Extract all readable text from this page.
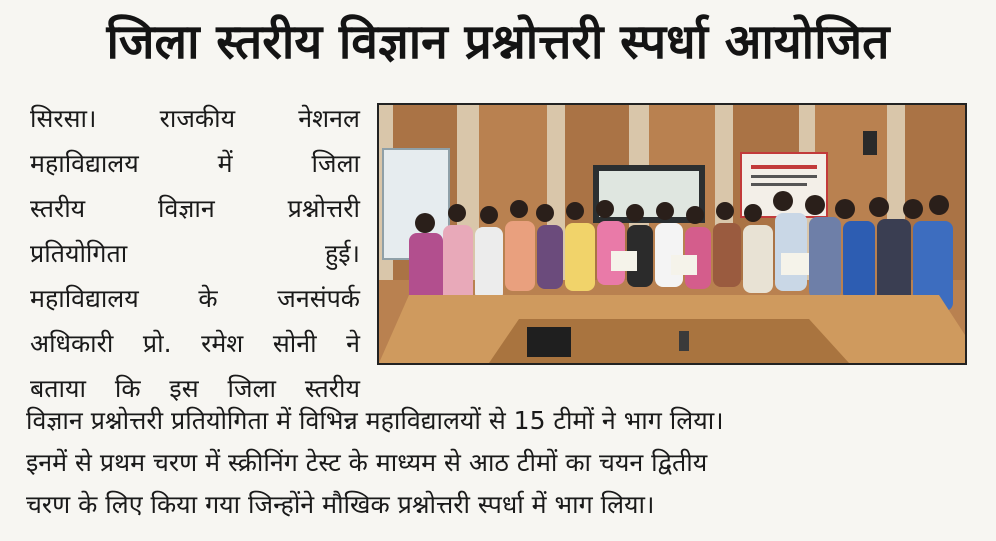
जिला स्तरीय विज्ञान प्रश्नोत्तरी स्पर्धा आयोजित
सिरसा। राजकीय नेशनल
महाविद्यालय में जिला
स्तरीय विज्ञान प्रश्नोत्तरी
प्रतियोगिता हुई।
महाविद्यालय के जनसंपर्क
अधिकारी प्रो. रमेश सोनी ने
बताया कि इस जिला स्तरीय
विज्ञान प्रश्नोत्तरी प्रतियोगिता में विभिन्न महाविद्यालयों से 15 टीमों ने भाग लिया।
इनमें से प्रथम चरण में स्क्रीनिंग टेस्ट के माध्यम से आठ टीमों का चयन द्वितीय
चरण के लिए किया गया जिन्होंने मौखिक प्रश्नोत्तरी स्पर्धा में भाग लिया।
